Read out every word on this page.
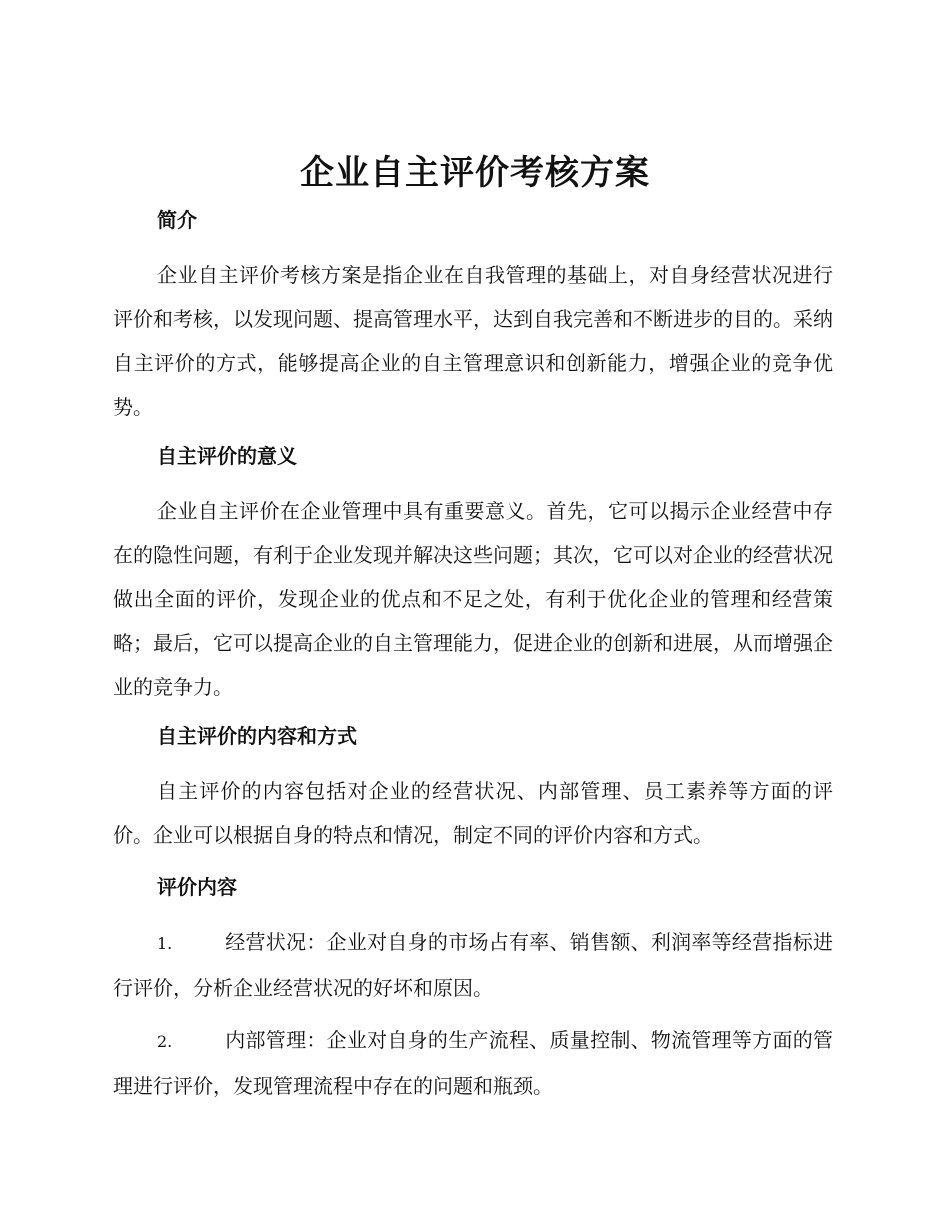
企业自主评价考核方案
简介

企业自主评价考核方案是指企业在自我管理的基础上，对自身经营状况进行评价和考核，以发现问题、提高管理水平，达到自我完善和不断进步的目的。采纳自主评价的方式，能够提高企业的自主管理意识和创新能力，增强企业的竞争优势。

自主评价的意义

企业自主评价在企业管理中具有重要意义。首先，它可以揭示企业经营中存在的隐性问题，有利于企业发现并解决这些问题；其次，它可以对企业的经营状况做出全面的评价，发现企业的优点和不足之处，有利于优化企业的管理和经营策略；最后，它可以提高企业的自主管理能力，促进企业的创新和进展，从而增强企业的竞争力。

自主评价的内容和方式

自主评价的内容包括对企业的经营状况、内部管理、员工素养等方面的评价。企业可以根据自身的特点和情况，制定不同的评价内容和方式。

评价内容

1.	经营状况：企业对自身的市场占有率、销售额、利润率等经营指标进行评价，分析企业经营状况的好坏和原因。

2.	内部管理：企业对自身的生产流程、质量控制、物流管理等方面的管理进行评价，发现管理流程中存在的问题和瓶颈。
